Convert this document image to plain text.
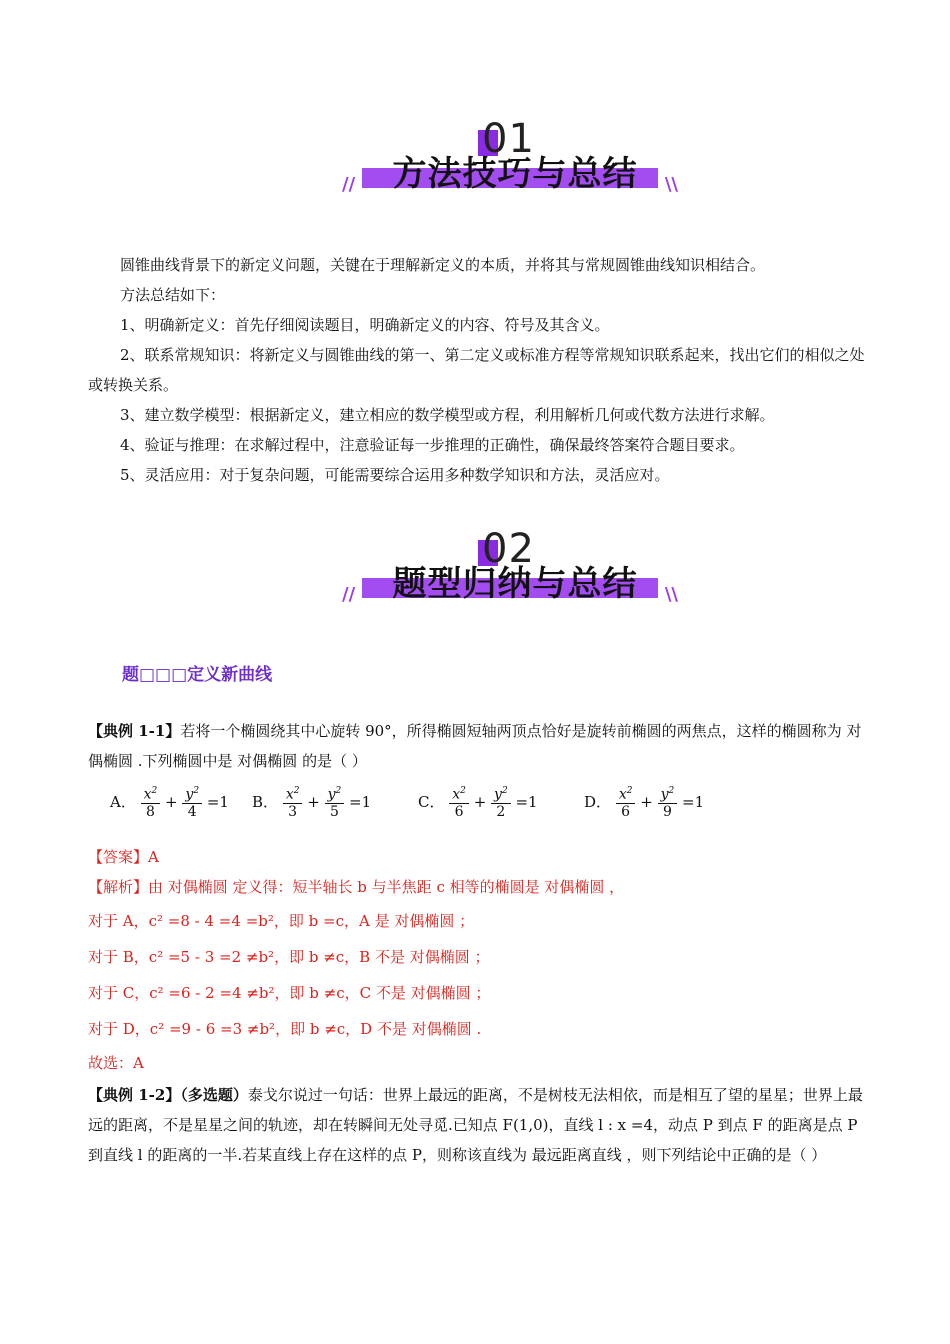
01
方法技巧与总结
//	\\
圆锥曲线背景下的新定义问题，关键在于理解新定义的本质，并将其与常规圆锥曲线知识相结合。
方法总结如下：
1、明确新定义：首先仔细阅读题目，明确新定义的内容、符号及其含义。
2、联系常规知识：将新定义与圆锥曲线的第一、第二定义或标准方程等常规知识联系起来，找出它们的相似之处或转换关系。
3、建立数学模型：根据新定义，建立相应的数学模型或方程，利用解析几何或代数方法进行求解。
4、验证与推理：在求解过程中，注意验证每一步推理的正确性，确保最终答案符合题目要求。
5、灵活应用：对于复杂问题，可能需要综合运用多种数学知识和方法，灵活应对。
02
题型归纳与总结
//	\\
题□□□定义新曲线
【典例 1-1】若将一个椭圆绕其中心旋转 90°，所得椭圆短轴两顶点恰好是旋转前椭圆的两焦点，这样的椭圆称为 对偶椭圆 .下列椭圆中是 对偶椭圆 的是（ ）
A． $\frac{x^2}{8} + \frac{y^2}{4} =1$ B． $\frac{x^2}{3} + \frac{y^2}{5} =1$	C． $\frac{x^2}{6} + \frac{y^2}{2} =1$	D． $\frac{x^2}{6} + \frac{y^2}{9} =1$
【答案】A
【解析】由 对偶椭圆 定义得：短半轴长 b 与半焦距 c 相等的椭圆是 对偶椭圆 ，
对于 A，c² =8 - 4 =4 =b²，即 b =c，A 是 对偶椭圆 ；
对于 B，c² =5 - 3 =2 ≠b²，即 b ≠c，B 不是 对偶椭圆 ；
对于 C，c² =6 - 2 =4 ≠b²，即 b ≠c，C 不是 对偶椭圆 ；
对于 D，c² =9 - 6 =3 ≠b²，即 b ≠c，D 不是 对偶椭圆 .
故选：A
【典例 1-2】（多选题）泰戈尔说过一句话：世界上最远的距离，不是树枝无法相依，而是相互了望的星星；世界上最远的距离，不是星星之间的轨迹，却在转瞬间无处寻觅.已知点 F(1,0)，直线 l : x =4，动点 P 到点 F 的距离是点 P 到直线 l 的距离的一半.若某直线上存在这样的点 P，则称该直线为 最远距离直线 ，则下列结论中正确的是（ ）
